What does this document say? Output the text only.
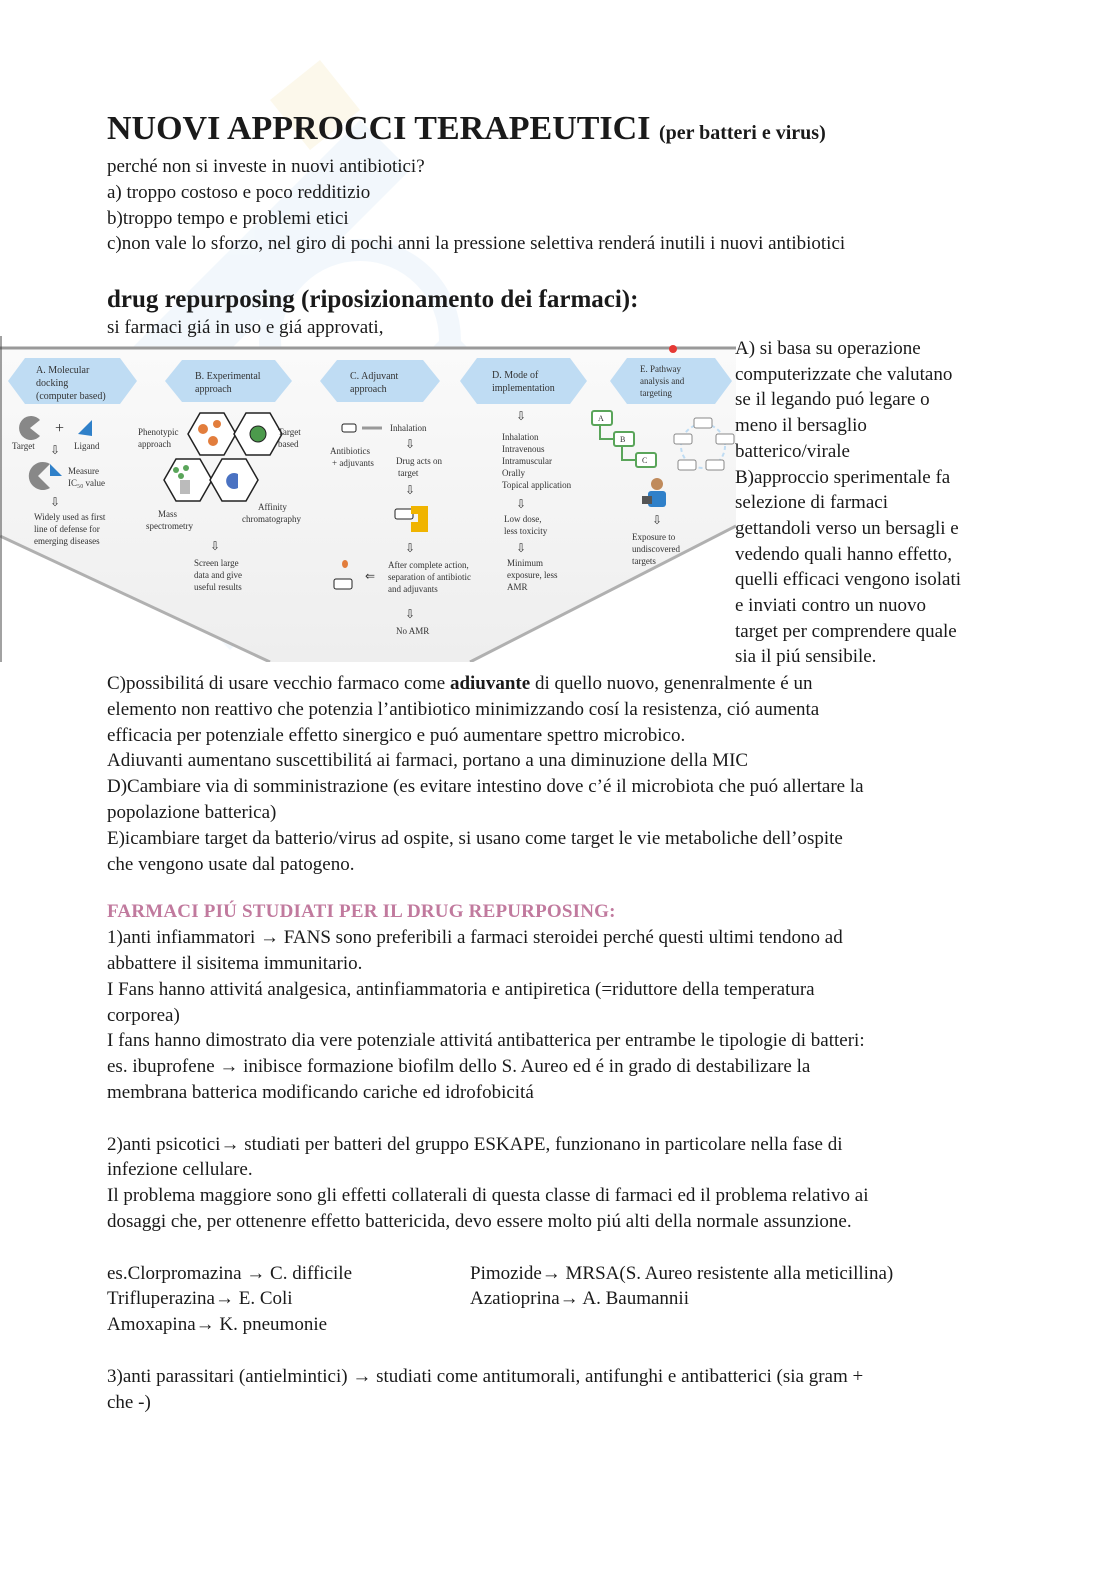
NUOVI APPROCCI TERAPEUTICI (per batteri e virus)
perché non si investe in nuovi antibiotici?
a) troppo costoso e poco redditizio
b)troppo tempo e problemi etici
c)non vale lo sforzo, nel giro di pochi anni la pressione selettiva renderá inutili i nuovi antibiotici
drug repurposing (riposizionamento dei farmaci):
si farmaci giá in uso e giá approvati,
A. Molecular
docking
(computer based)
B. Experimental
approach
C. Adjuvant
approach
D. Mode of
implementation
E. Pathway
analysis and
targeting
+
Target	Ligand
⇩
Measure
IC₅₀ value
⇩
Widely used as first
line of defense for
emerging diseases
Phenotypic
approach
Target
based
Mass
spectrometry
Affinity
chromatography
⇩
Screen large
data and give
useful results
Inhalation
Antibiotics
+ adjuvants
⇩
Drug acts on
target
⇩
⇩
After complete action,
separation of antibiotic
and adjuvants
⇐
⇩
No AMR
⇩
Inhalation
Intravenous
Intramuscular
Orally
Topical application
⇩
Low dose,
less toxicity
⇩
Minimum
exposure, less
AMR
A
B
C
⇩
Exposure to
undiscovered
targets
A) si basa su operazione
computerizzate che valutano
se il legando puó legare o
meno il bersaglio
batterico/virale
B)approccio sperimentale fa
selezione di farmaci
gettandoli verso un bersagli e
vedendo quali hanno effetto,
quelli efficaci vengono isolati
e inviati contro un nuovo
target per comprendere quale
sia il piú sensibile.
C)possibilitá di usare vecchio farmaco come adiuvante di quello nuovo, genenralmente é un
elemento non reattivo che potenzia l’antibiotico minimizzando cosí la resistenza, ció aumenta
efficacia per potenziale effetto sinergico e puó aumentare spettro microbico.
Adiuvanti aumentano suscettibilitá ai farmaci, portano a una diminuzione della MIC
D)Cambiare via di somministrazione (es evitare intestino dove c’é il microbiota che puó allertare la
popolazione batterica)
E)icambiare target da batterio/virus ad ospite, si usano come target le vie metaboliche dell’ospite
che vengono usate dal patogeno.
FARMACI PIÚ STUDIATI PER IL DRUG REPURPOSING:
1)anti infiammatori → FANS sono preferibili a farmaci steroidei perché questi ultimi tendono ad
abbattere il sisitema immunitario.
I Fans hanno attivitá analgesica, antinfiammatoria e antipiretica (=riduttore della temperatura
corporea)
I fans hanno dimostrato dia vere potenziale attivitá antibatterica per entrambe le tipologie di batteri:
es. ibuprofene → inibisce formazione biofilm dello S. Aureo ed é in grado di destabilizare la
membrana batterica modificando cariche ed idrofobicitá
2)anti psicotici→ studiati per batteri del gruppo ESKAPE, funzionano in particolare nella fase di
infezione cellulare.
Il problema maggiore sono gli effetti collaterali di questa classe di farmaci ed il problema relativo ai
dosaggi che, per ottenenre effetto battericida, devo essere molto piú alti della normale assunzione.
es.Clorpromazina → C. difficile	Pimozide→ MRSA(S. Aureo resistente alla meticillina)
Trifluperazina→ E. Coli	Azatioprina→ A. Baumannii
Amoxapina→ K. pneumonie
3)anti parassitari (antielmintici) → studiati come antitumorali, antifunghi e antibatterici (sia gram +
che -)
